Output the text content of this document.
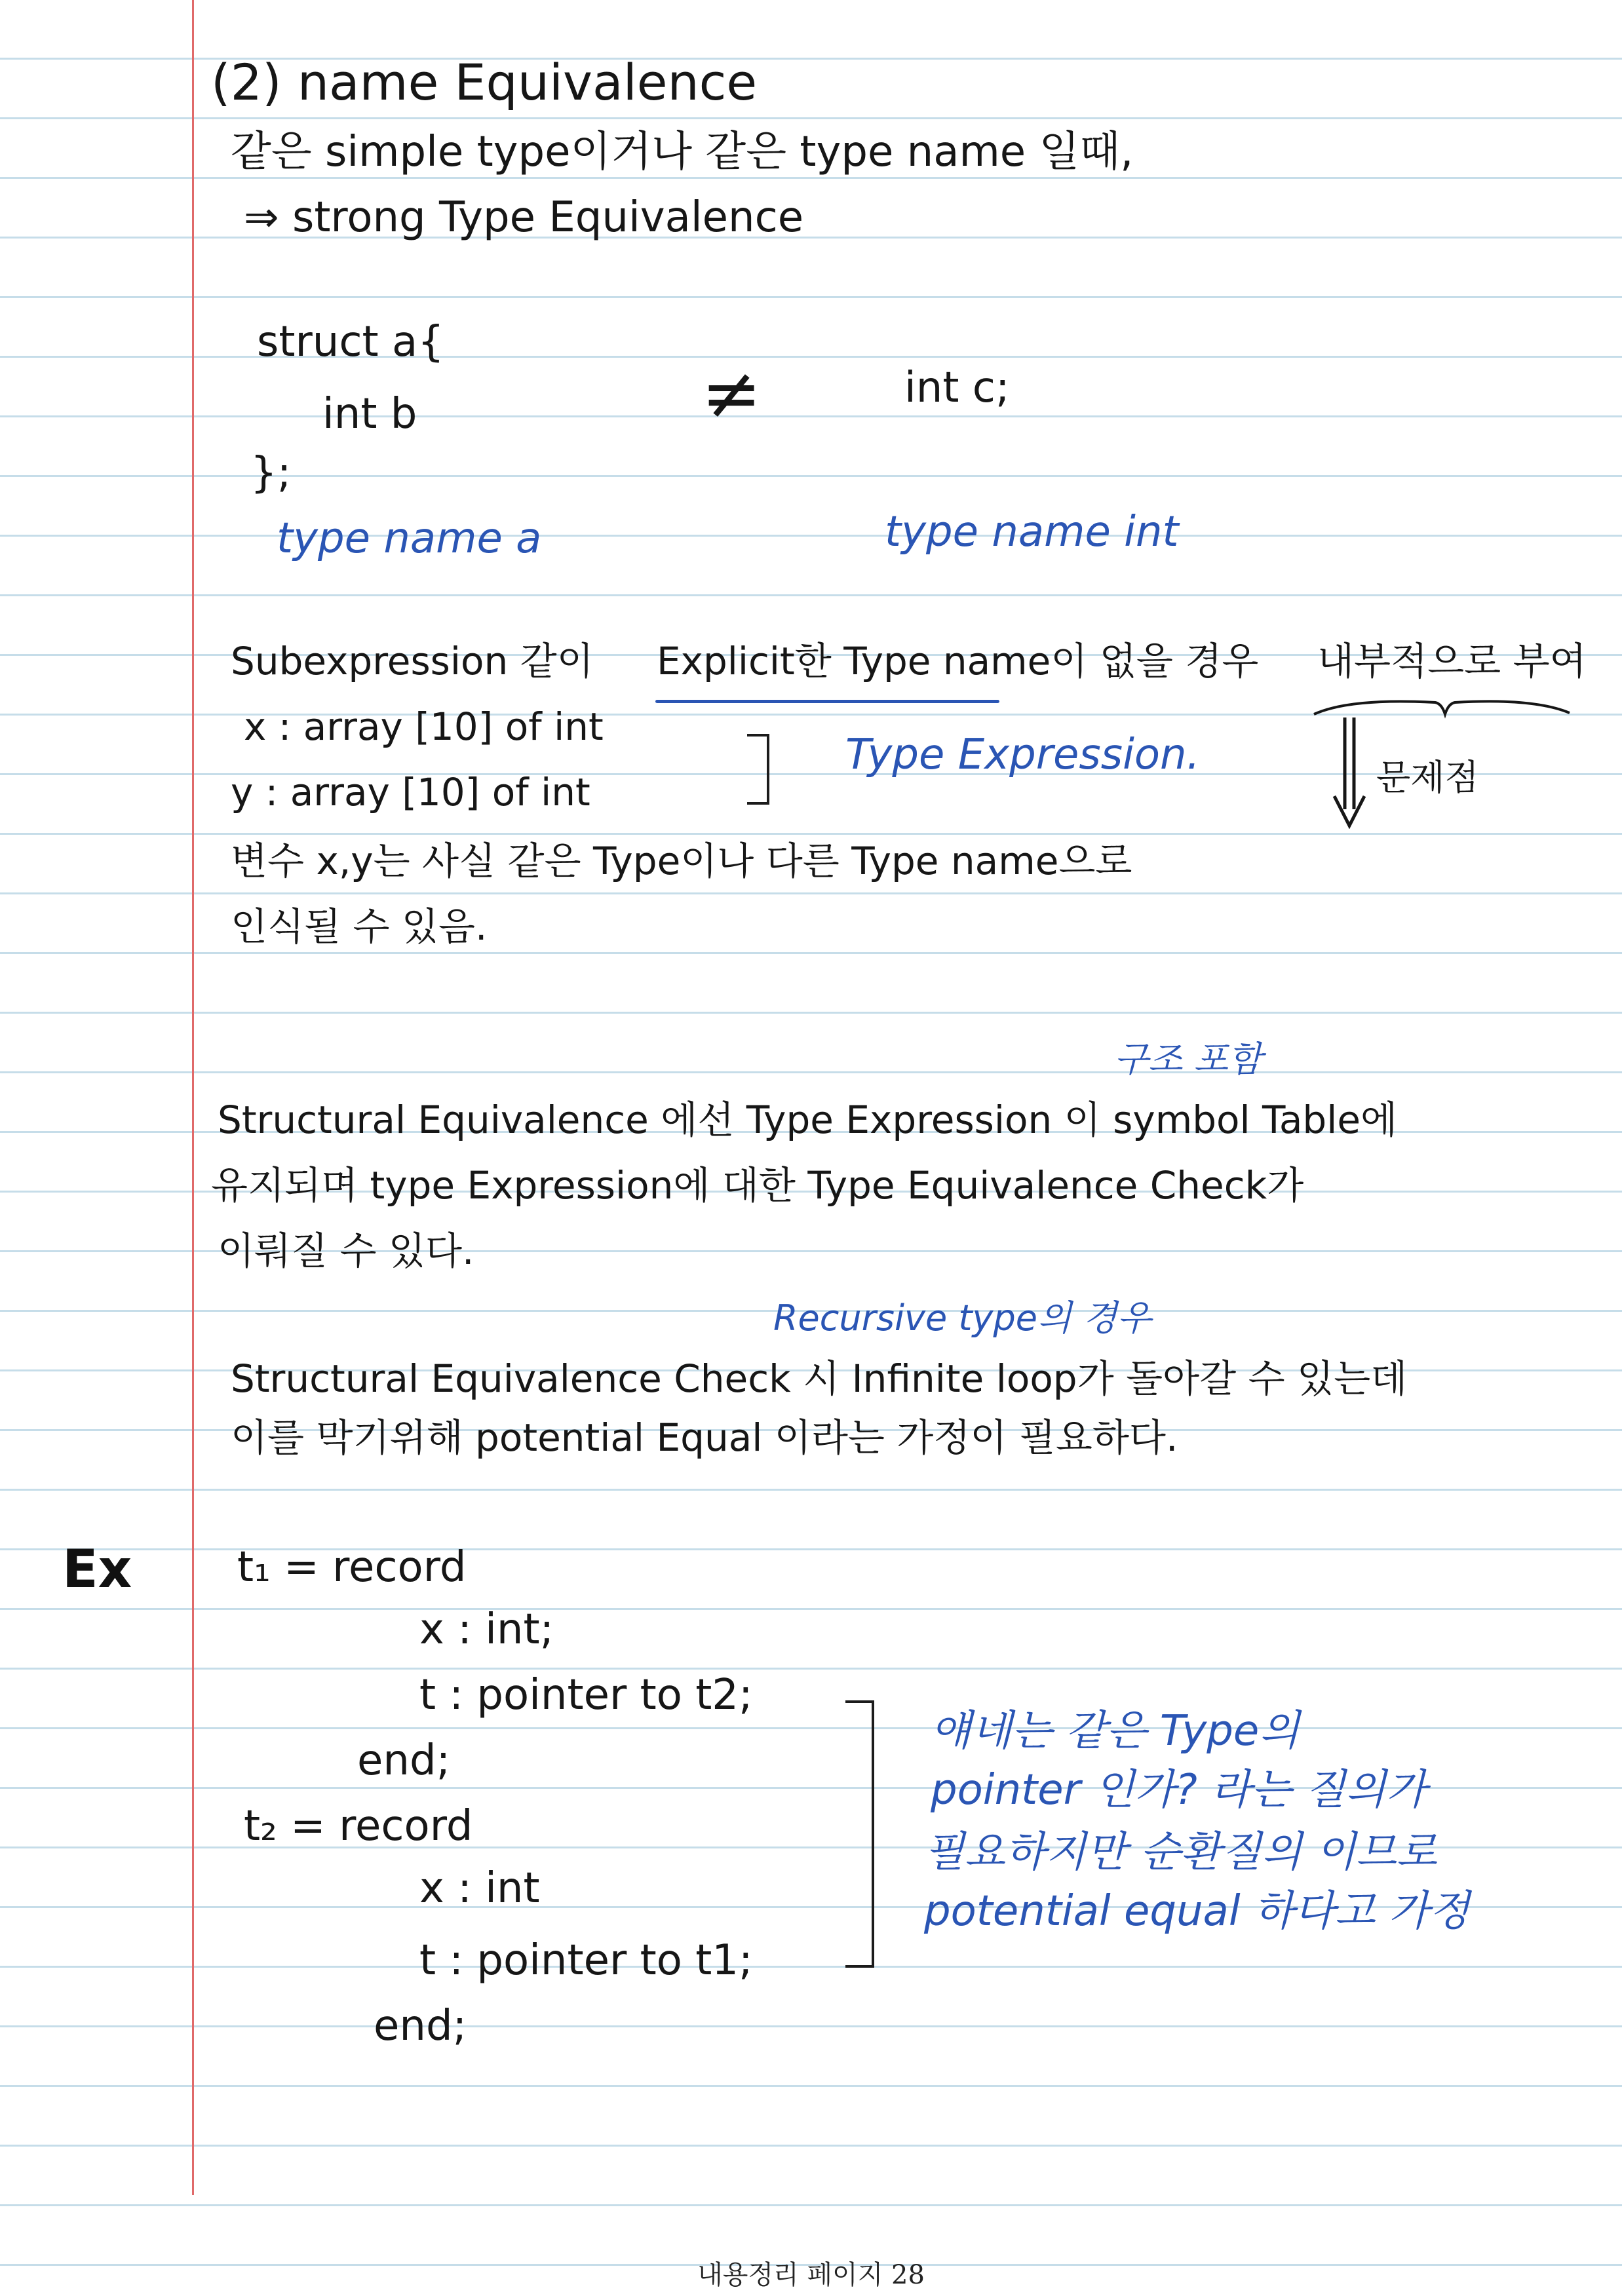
(2) name Equivalence
같은 simple type이거나 같은 type name 일때,
⇒ strong Type Equivalence
struct a{
int b
};
≠	int c;
type name a	type name int
Subexpression 같이 Explicit한 Type name이 없을 경우 내부적으로 부여
x : array [10] of int
y : array [10] of int
Type Expression.	문제점
변수 x,y는 사실 같은 Type이나 다른 Type name으로
인식될 수 있음.
구조 포함
Structural Equivalence 에선 Type Expression 이 symbol Table에
유지되며 type Expression에 대한 Type Equivalence Check가
이뤄질 수 있다.
Recursive type의 경우
Structural Equivalence Check 시 Infinite loop가 돌아갈 수 있는데
이를 막기위해 potential Equal 이라는 가정이 필요하다.
Ex	t₁ = record
x : int;
t : pointer to t2;
end;
t₂ = record
x : int
t : pointer to t1;
end;
얘네는 같은 Type의
pointer 인가? 라는 질의가
필요하지만 순환질의 이므로
potential equal 하다고 가정
내용정리 페이지 28
